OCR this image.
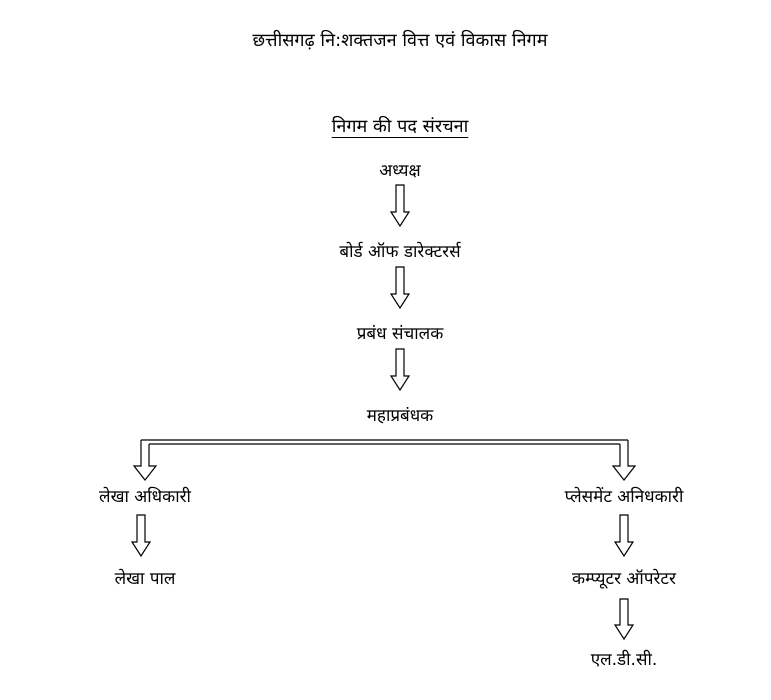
छत्तीसगढ़ नि:शक्तजन वित्त एवं विकास निगम
निगम की पद संरचना
अध्यक्ष
बोर्ड ऑफ डारेक्टरर्स
प्रबंध संचालक
महाप्रबंधक
लेखा अधिकारी
लेखा पाल
प्लेसमेंट अनिधकारी
कम्प्यूटर ऑपरेटर
एल.डी.सी.
